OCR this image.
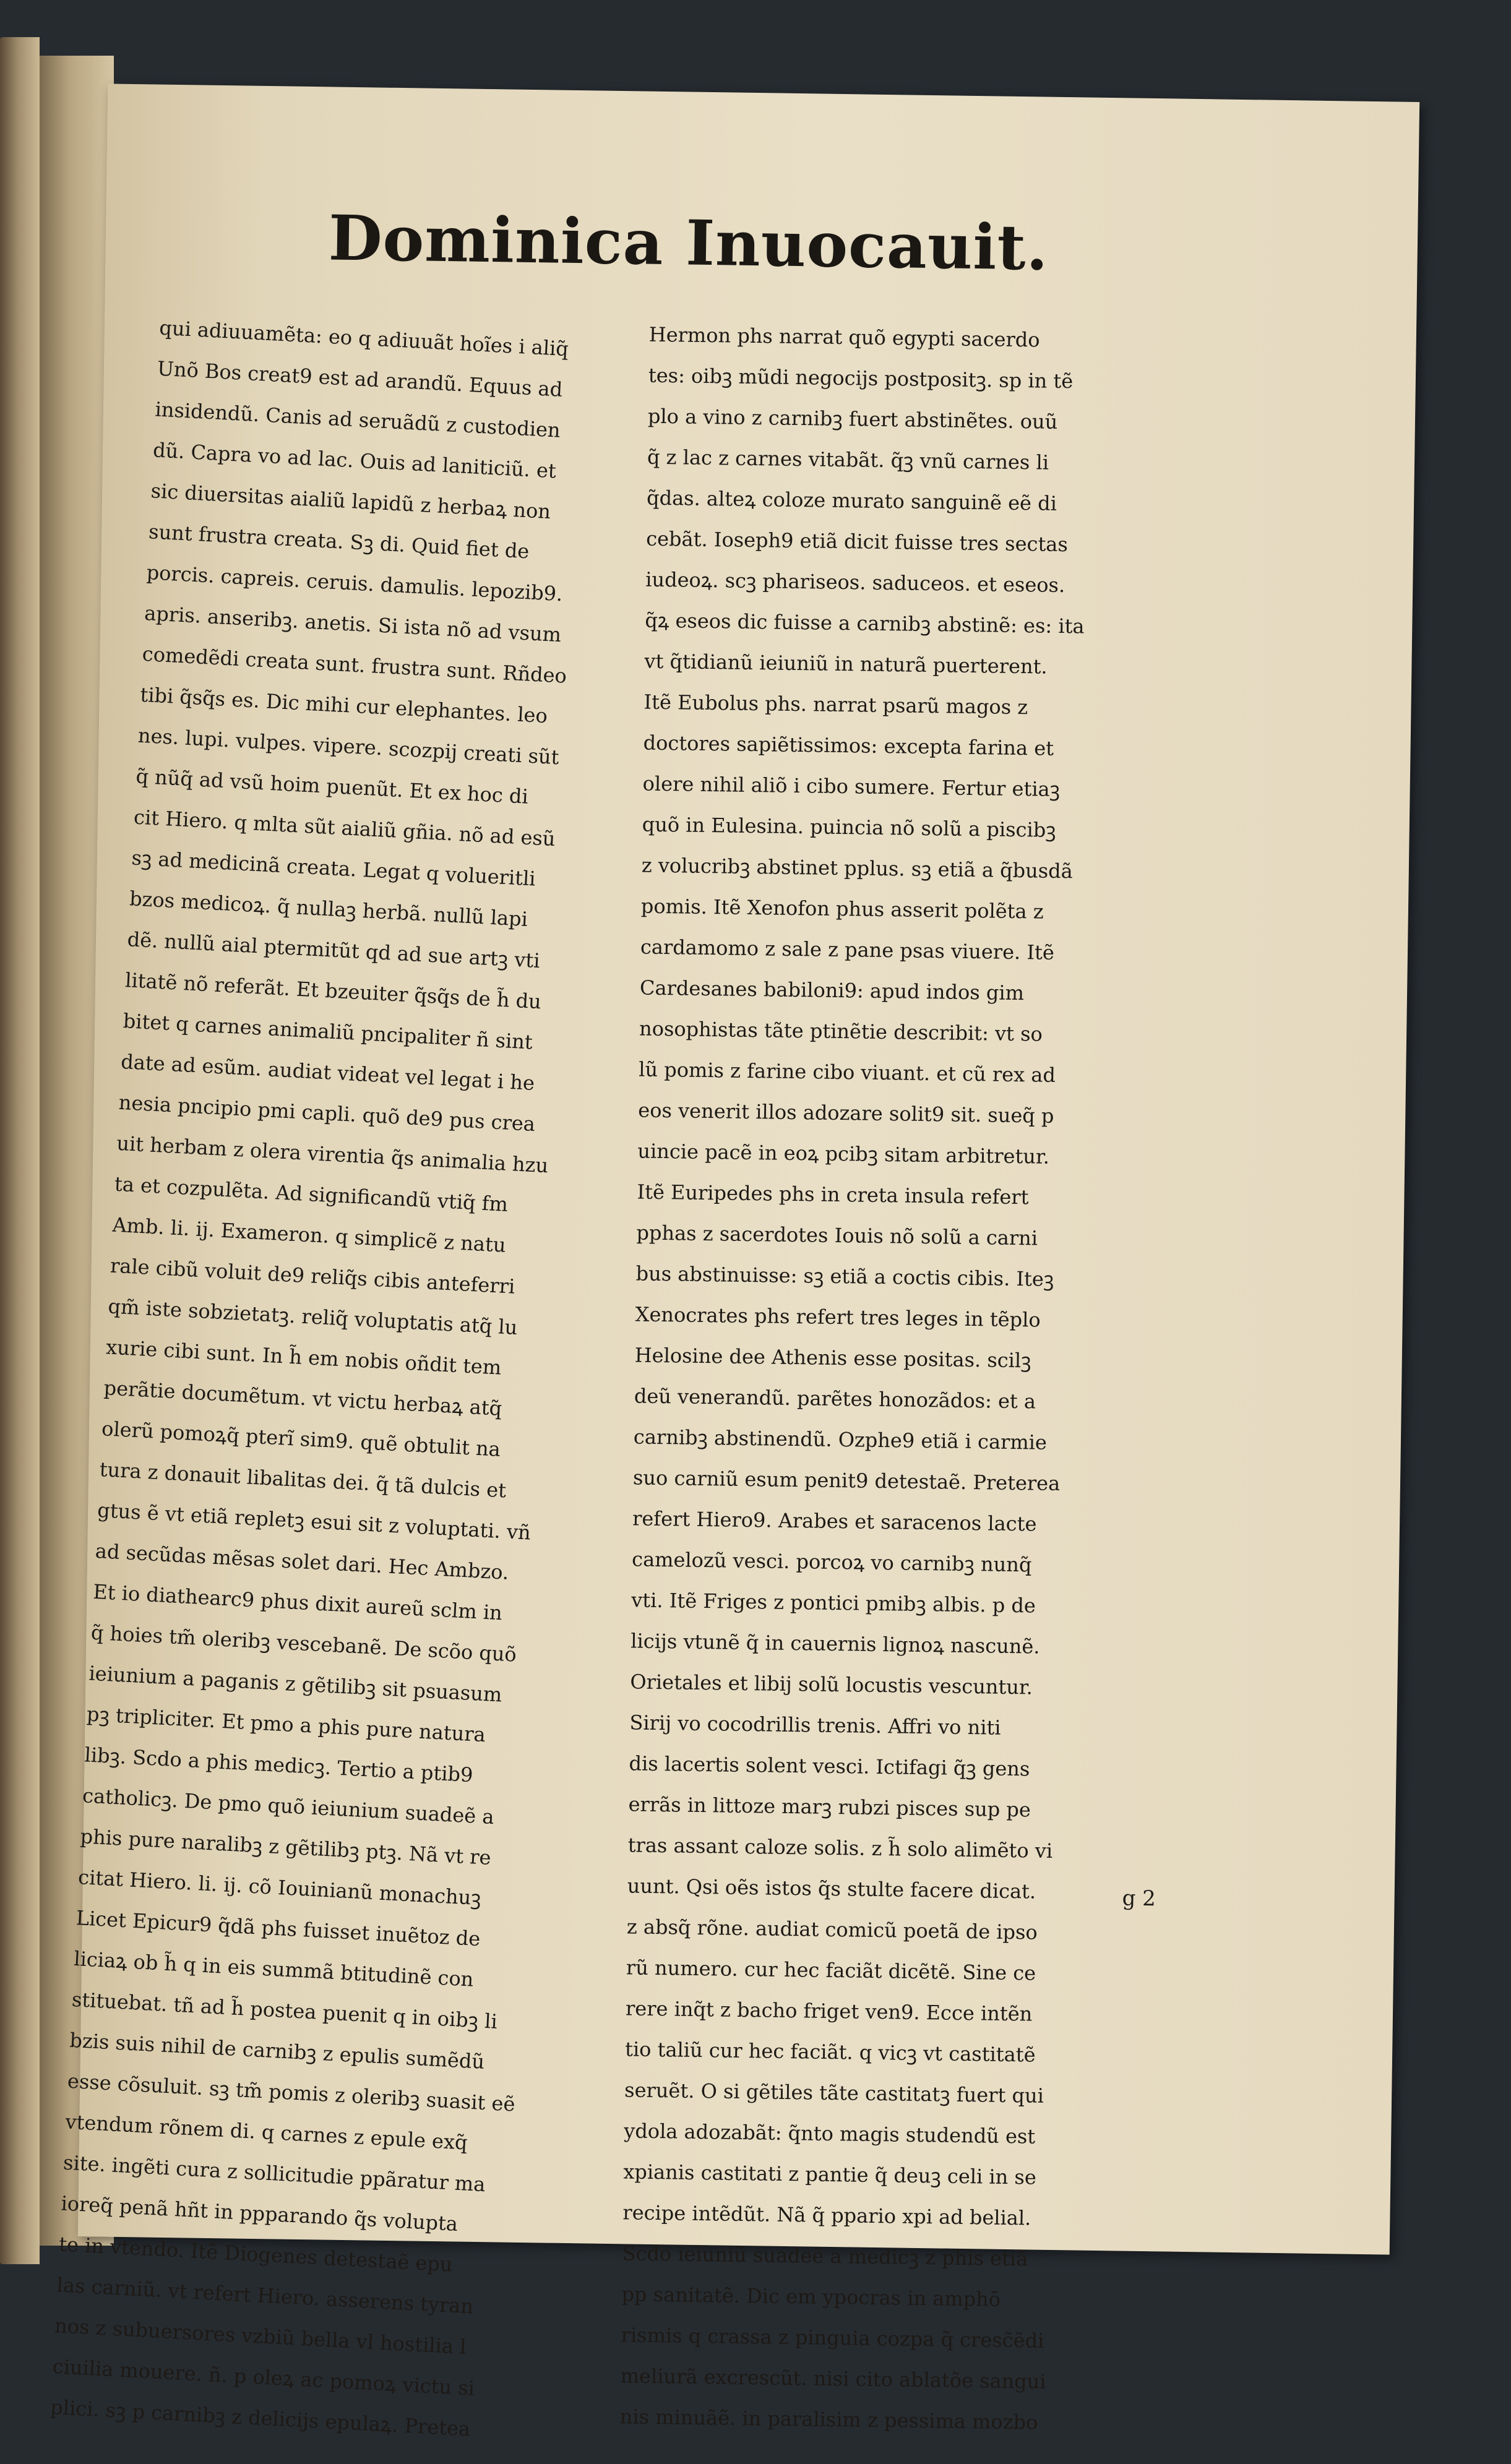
Dominica Inuocauit.
qui adiuuamẽta: eo q adiuuãt hoĩes i aliq̃
Unõ Bos creat9 est ad arandũ. Equus ad
insidendũ. Canis ad seruãdũ z custodien
dũ. Capra vo ad lac. Ouis ad laniticiũ. et
sic diuersitas aialiũ lapidũ z herbaꝝ non
sunt frustra creata. Sꝫ di. Quid fiet de
porcis. capreis. ceruis. damulis. lepozib9.
apris. anseribꝫ. anetis. Si ista nõ ad vsum
comedẽdi creata sunt. frustra sunt. Rñdeo
tibi q̃sq̃s es. Dic mihi cur elephantes. leo
nes. lupi. vulpes. vipere. scozpij creati sũt
q̃ nũq̃ ad vsũ hoim puenũt. Et ex hoc di
cit Hiero. q mlta sũt aialiũ gñia. nõ ad esũ
sꝫ ad medicinã creata. Legat q volueritli
bzos medicoꝝ. q̃ nullaꝫ herbã. nullũ lapi
dẽ. nullũ aial ptermitũt qd ad sue artꝫ vti
litatẽ nõ referãt. Et bzeuiter q̃sq̃s de h̃ du
bitet q carnes animaliũ pncipaliter ñ sint
date ad esũm. audiat videat vel legat i he
nesia pncipio pmi capli. quõ de9 pus crea
uit herbam z olera virentia q̃s animalia hzu
ta et cozpulẽta. Ad significandũ vtiq̃ fm
Amb. li. ij. Exameron. q simplicẽ z natu
rale cibũ voluit de9 reliq̃s cibis anteferri
qm̃ iste sobzietatꝫ. reliq̃ voluptatis atq̃ lu
xurie cibi sunt. In h̃ em nobis oñdit tem
perãtie documẽtum. vt victu herbaꝝ atq̃
olerũ pomoꝝq̃ pterĩ sim9. quẽ obtulit na
tura z donauit libalitas dei. q̃ tã dulcis et
gtus ẽ vt etiã repletꝫ esui sit z voluptati. vñ
ad secũdas mẽsas solet dari. Hec Ambzo.
Et io diathearc9 phus dixit aureũ sclm in
q̃ hoies tm̃ oleribꝫ vescebanẽ. De scõo quõ
ieiunium a paganis z gẽtilibꝫ sit psuasum
pꝫ tripliciter. Et pmo a phis pure natura
libꝫ. Scdo a phis medicꝫ. Tertio a ptib9
catholicꝫ. De pmo quõ ieiunium suadeẽ a
phis pure naralibꝫ z gẽtilibꝫ ptꝫ. Nã vt re
citat Hiero. li. ij. cõ Iouinianũ monachuꝫ
Licet Epicur9 q̃dã phs fuisset inuẽtoz de
liciaꝝ ob h̃ q in eis summã btitudinẽ con
stituebat. tñ ad h̃ postea puenit q in oibꝫ li
bzis suis nihil de carnibꝫ z epulis sumẽdũ
esse cõsuluit. sꝫ tm̃ pomis z oleribꝫ suasit eẽ
vtendum rõnem di. q carnes z epule exq̃
site. ingẽti cura z sollicitudie ppãratur ma
ioreq̃ penã hñt in ppparando q̃s volupta
te in vtendo. Itẽ Diogenes detestaẽ epu
las carniũ. vt refert Hiero. asserens tyran
nos z subuersores vzbiũ bella vl hostilia l
ciuilia mouere. ñ. p oleꝝ ac pomoꝝ victu si
plici. sꝫ p carnibꝫ z delicijs epulaꝝ. Pretea
Hermon phs narrat quõ egypti sacerdo
tes: oibꝫ mũdi negocijs postpositꝫ. sp in tẽ
plo a vino z carnibꝫ fuert abstinẽtes. ouũ
q̃ z lac z carnes vitabãt. q̃ꝫ vnũ carnes li
q̃das. alteꝝ coloze murato sanguinẽ eẽ di
cebãt. Ioseph9 etiã dicit fuisse tres sectas
iudeoꝝ. scꝫ phariseos. saduceos. et eseos.
q̃ꝝ eseos dic fuisse a carnibꝫ abstinẽ: es: ita
vt q̃tidianũ ieiuniũ in naturã puerterent.
Itẽ Eubolus phs. narrat psarũ magos z
doctores sapiẽtissimos: excepta farina et
olere nihil aliõ i cibo sumere. Fertur etiaꝫ
quõ in Eulesina. puincia nõ solũ a piscibꝫ
z volucribꝫ abstinet pplus. sꝫ etiã a q̃busdã
pomis. Itẽ Xenofon phus asserit polẽta z
cardamomo z sale z pane psas viuere. Itẽ
Cardesanes babiloni9: apud indos gim
nosophistas tãte ptinẽtie describit: vt so
lũ pomis z farine cibo viuant. et cũ rex ad
eos venerit illos adozare solit9 sit. sueq̃ p
uincie pacẽ in eoꝝ pcibꝫ sitam arbitretur.
Itẽ Euripedes phs in creta insula refert
pphas z sacerdotes Iouis nõ solũ a carni
bus abstinuisse: sꝫ etiã a coctis cibis. Iteꝫ
Xenocrates phs refert tres leges in tẽplo
Helosine dee Athenis esse positas. scilꝫ
deũ venerandũ. parẽtes honozãdos: et a
carnibꝫ abstinendũ. Ozphe9 etiã i carmie
suo carniũ esum penit9 detestaẽ. Preterea
refert Hiero9. Arabes et saracenos lacte
camelozũ vesci. porcoꝝ vo carnibꝫ nunq̃
vti. Itẽ Friges z pontici pmibꝫ albis. p de
licijs vtunẽ q̃ in cauernis lignoꝝ nascunẽ.
Orietales et libij solũ locustis vescuntur.
Sirij vo cocodrillis trenis. Affri vo niti
dis lacertis solent vesci. Ictifagi q̃ꝫ gens
errãs in littoze marꝫ rubzi pisces sup pe
tras assant caloze solis. z h̃ solo alimẽto vi
uunt. Qsi oẽs istos q̃s stulte facere dicat.
z absq̃ rõne. audiat comicũ poetã de ipso
rũ numero. cur hec faciãt dicẽtẽ. Sine ce
rere inq̃t z bacho friget ven9. Ecce intẽn
tio taliũ cur hec faciãt. q vicꝫ vt castitatẽ
seruẽt. O si gẽtiles tãte castitatꝫ fuert qui
ydola adozabãt: q̃nto magis studendũ est
xpianis castitati z pantie q̃ deuꝫ celi in se
recipe intẽdũt. Nã q̃ ppario xpi ad belial.
Scdo ieiuniũ suadeẽ a medicꝫ z phis etiã
pp sanitatẽ. Dic em ypocras in amphō
rismis q crassa z pinguia cozpa q̃ cresc̃ẽdi
meliurã excrescũt. nisi cito ablatõe sangui
nis minuãẽ. in paralisim z pessima mozbo
g 2
